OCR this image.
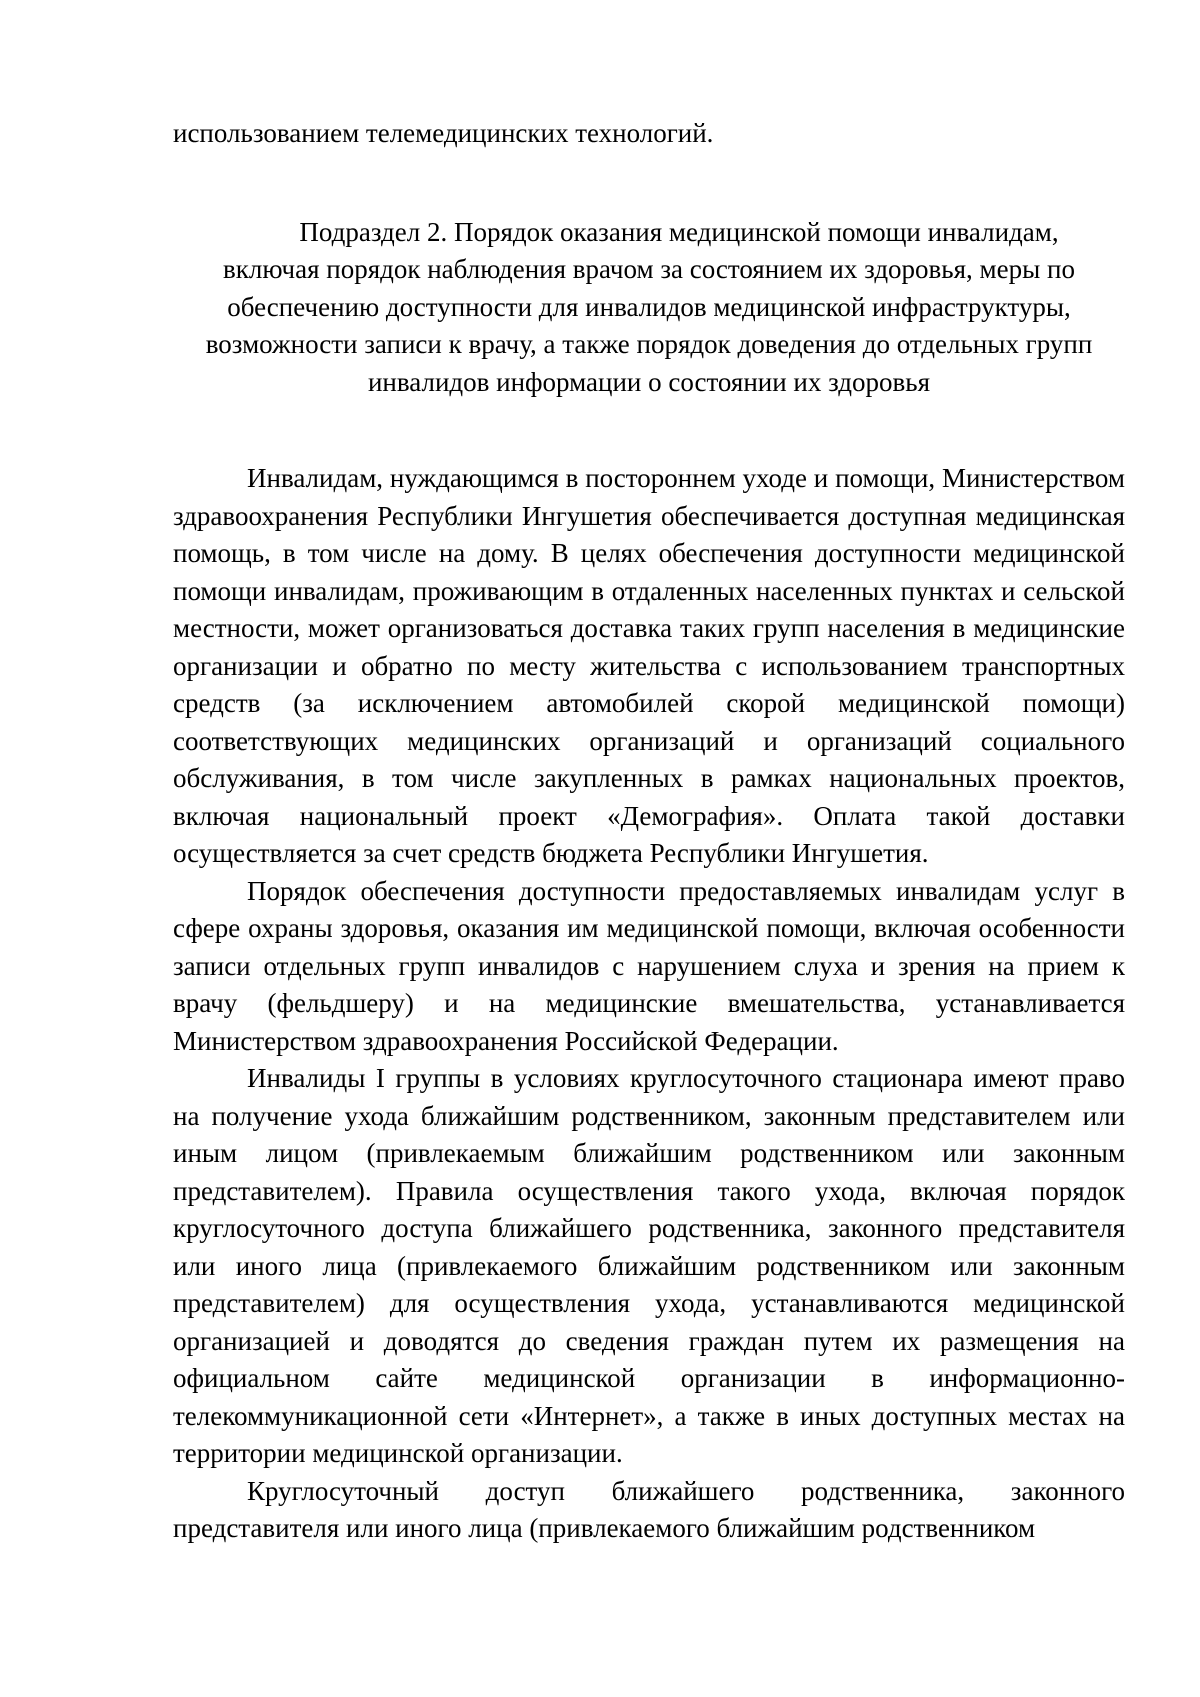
использованием телемедицинских технологий.

Подраздел 2. Порядок оказания медицинской помощи инвалидам,
включая порядок наблюдения врачом за состоянием их здоровья, меры по
обеспечению доступности для инвалидов медицинской инфраструктуры,
возможности записи к врачу, а также порядок доведения до отдельных групп
инвалидов информации о состоянии их здоровья

Инвалидам, нуждающимся в постороннем уходе и помощи, Министерством здравоохранения Республики Ингушетия обеспечивается доступная медицинская помощь, в том числе на дому. В целях обеспечения доступности медицинской помощи инвалидам, проживающим в отдаленных населенных пунктах и сельской местности, может организоваться доставка таких групп населения в медицинские организации и обратно по месту жительства с использованием транспортных средств (за исключением автомобилей скорой медицинской помощи) соответствующих медицинских организаций и организаций социального обслуживания, в том числе закупленных в рамках национальных проектов, включая национальный проект «Демография». Оплата такой доставки осуществляется за счет средств бюджета Республики Ингушетия.

Порядок обеспечения доступности предоставляемых инвалидам услуг в сфере охраны здоровья, оказания им медицинской помощи, включая особенности записи отдельных групп инвалидов с нарушением слуха и зрения на прием к врачу (фельдшеру) и на медицинские вмешательства, устанавливается Министерством здравоохранения Российской Федерации.

Инвалиды I группы в условиях круглосуточного стационара имеют право на получение ухода ближайшим родственником, законным представителем или иным лицом (привлекаемым ближайшим родственником или законным представителем). Правила осуществления такого ухода, включая порядок круглосуточного доступа ближайшего родственника, законного представителя или иного лица (привлекаемого ближайшим родственником или законным представителем) для осуществления ухода, устанавливаются медицинской организацией и доводятся до сведения граждан путем их размещения на официальном сайте медицинской организации в информационно-телекоммуникационной сети «Интернет», а также в иных доступных местах на территории медицинской организации.

Круглосуточный доступ ближайшего родственника, законного представителя или иного лица (привлекаемого ближайшим родственником
